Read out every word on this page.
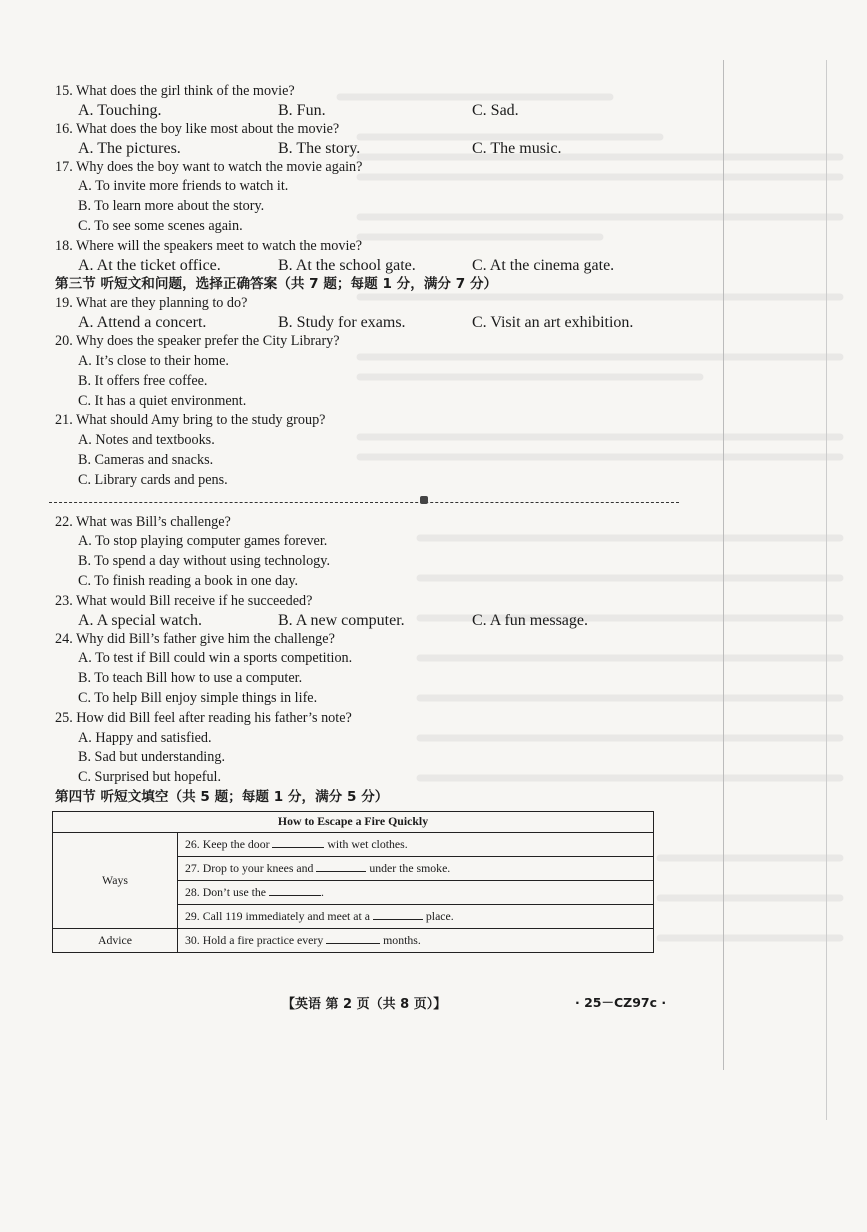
15. What does the girl think of the movie?
A. Touching.	B. Fun.	C. Sad.
16. What does the boy like most about the movie?
A. The pictures.	B. The story.	C. The music.
17. Why does the boy want to watch the movie again?
A. To invite more friends to watch it.
B. To learn more about the story.
C. To see some scenes again.
18. Where will the speakers meet to watch the movie?
A. At the ticket office.	B. At the school gate.	C. At the cinema gate.
第三节 听短文和问题，选择正确答案（共 7 题；每题 1 分，满分 7 分）
19. What are they planning to do?
A. Attend a concert.	B. Study for exams.	C. Visit an art exhibition.
20. Why does the speaker prefer the City Library?
A. It’s close to their home.
B. It offers free coffee.
C. It has a quiet environment.
21. What should Amy bring to the study group?
A. Notes and textbooks.
B. Cameras and snacks.
C. Library cards and pens.
22. What was Bill’s challenge?
A. To stop playing computer games forever.
B. To spend a day without using technology.
C. To finish reading a book in one day.
23. What would Bill receive if he succeeded?
A. A special watch.	B. A new computer.	C. A fun message.
24. Why did Bill’s father give him the challenge?
A. To test if Bill could win a sports competition.
B. To teach Bill how to use a computer.
C. To help Bill enjoy simple things in life.
25. How did Bill feel after reading his father’s note?
A. Happy and satisfied.
B. Sad but understanding.
C. Surprised but hopeful.
第四节 听短文填空（共 5 题；每题 1 分，满分 5 分）
How to Escape a Fire Quickly	
Ways	26. Keep the door with wet clothes.
	27. Drop to your knees and under the smoke.
	28. Don’t use the .
	29. Call 119 immediately and meet at a place.
Advice	30. Hold a fire practice every months.
【英语 第 2 页（共 8 页）】	· 25－CZ97c ·
